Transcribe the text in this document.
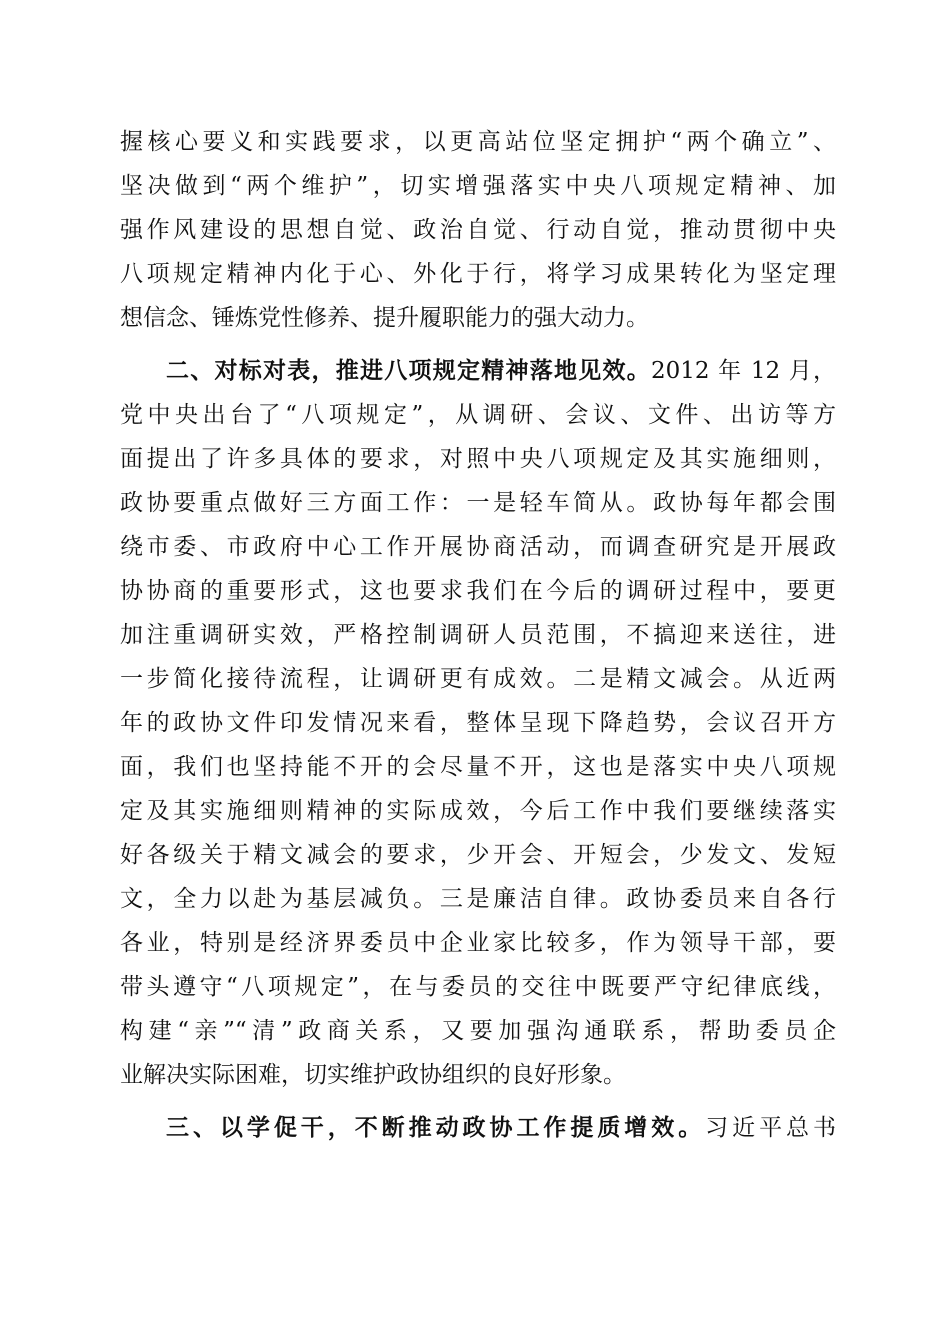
握核心要义和实践要求，以更高站位坚定拥护“两个确立”、
坚决做到“两个维护”，切实增强落实中央八项规定精神、加
强作风建设的思想自觉、政治自觉、行动自觉，推动贯彻中央
八项规定精神内化于心、外化于行，将学习成果转化为坚定理
想信念、锤炼党性修养、提升履职能力的强大动力。
二、对标对表，推进八项规定精神落地见效。2012 年 12 月，
党中央出台了“八项规定”，从调研、会议、文件、出访等方
面提出了许多具体的要求，对照中央八项规定及其实施细则，
政协要重点做好三方面工作：一是轻车简从。政协每年都会围
绕市委、市政府中心工作开展协商活动，而调查研究是开展政
协协商的重要形式，这也要求我们在今后的调研过程中，要更
加注重调研实效，严格控制调研人员范围，不搞迎来送往，进
一步简化接待流程，让调研更有成效。二是精文减会。从近两
年的政协文件印发情况来看，整体呈现下降趋势，会议召开方
面，我们也坚持能不开的会尽量不开，这也是落实中央八项规
定及其实施细则精神的实际成效，今后工作中我们要继续落实
好各级关于精文减会的要求，少开会、开短会，少发文、发短
文，全力以赴为基层减负。三是廉洁自律。政协委员来自各行
各业，特别是经济界委员中企业家比较多，作为领导干部，要
带头遵守“八项规定”，在与委员的交往中既要严守纪律底线，
构建“亲”“清”政商关系，又要加强沟通联系，帮助委员企
业解决实际困难，切实维护政协组织的良好形象。
三、以学促干，不断推动政协工作提质增效。习近平总书
